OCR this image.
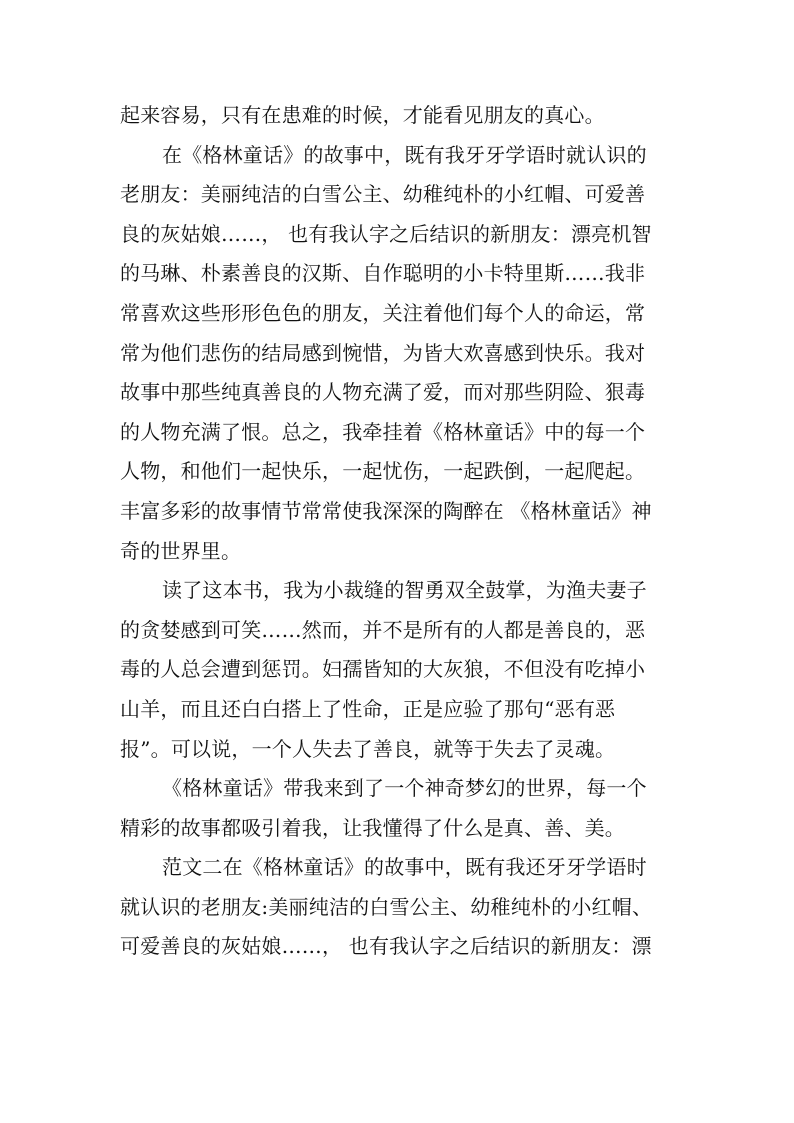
起来容易，只有在患难的时候，才能看见朋友的真心。
在《格林童话》的故事中，既有我牙牙学语时就认识的
老朋友：美丽纯洁的白雪公主、幼稚纯朴的小红帽、可爱善
良的灰姑娘……， 也有我认字之后结识的新朋友：漂亮机智
的马琳、朴素善良的汉斯、自作聪明的小卡特里斯……我非
常喜欢这些形形色色的朋友，关注着他们每个人的命运，常
常为他们悲伤的结局感到惋惜，为皆大欢喜感到快乐。我对
故事中那些纯真善良的人物充满了爱，而对那些阴险、狠毒
的人物充满了恨。总之，我牵挂着《格林童话》中的每一个
人物，和他们一起快乐，一起忧伤，一起跌倒，一起爬起。
丰富多彩的故事情节常常使我深深的陶醉在 《格林童话》神
奇的世界里。
读了这本书，我为小裁缝的智勇双全鼓掌，为渔夫妻子
的贪婪感到可笑……然而，并不是所有的人都是善良的，恶
毒的人总会遭到惩罚。妇孺皆知的大灰狼，不但没有吃掉小
山羊，而且还白白搭上了性命，正是应验了那句“恶有恶
报”。可以说，一个人失去了善良，就等于失去了灵魂。
《格林童话》带我来到了一个神奇梦幻的世界，每一个
精彩的故事都吸引着我，让我懂得了什么是真、善、美。
范文二在《格林童话》的故事中，既有我还牙牙学语时
就认识的老朋友:美丽纯洁的白雪公主、幼稚纯朴的小红帽、
可爱善良的灰姑娘……， 也有我认字之后结识的新朋友：漂
